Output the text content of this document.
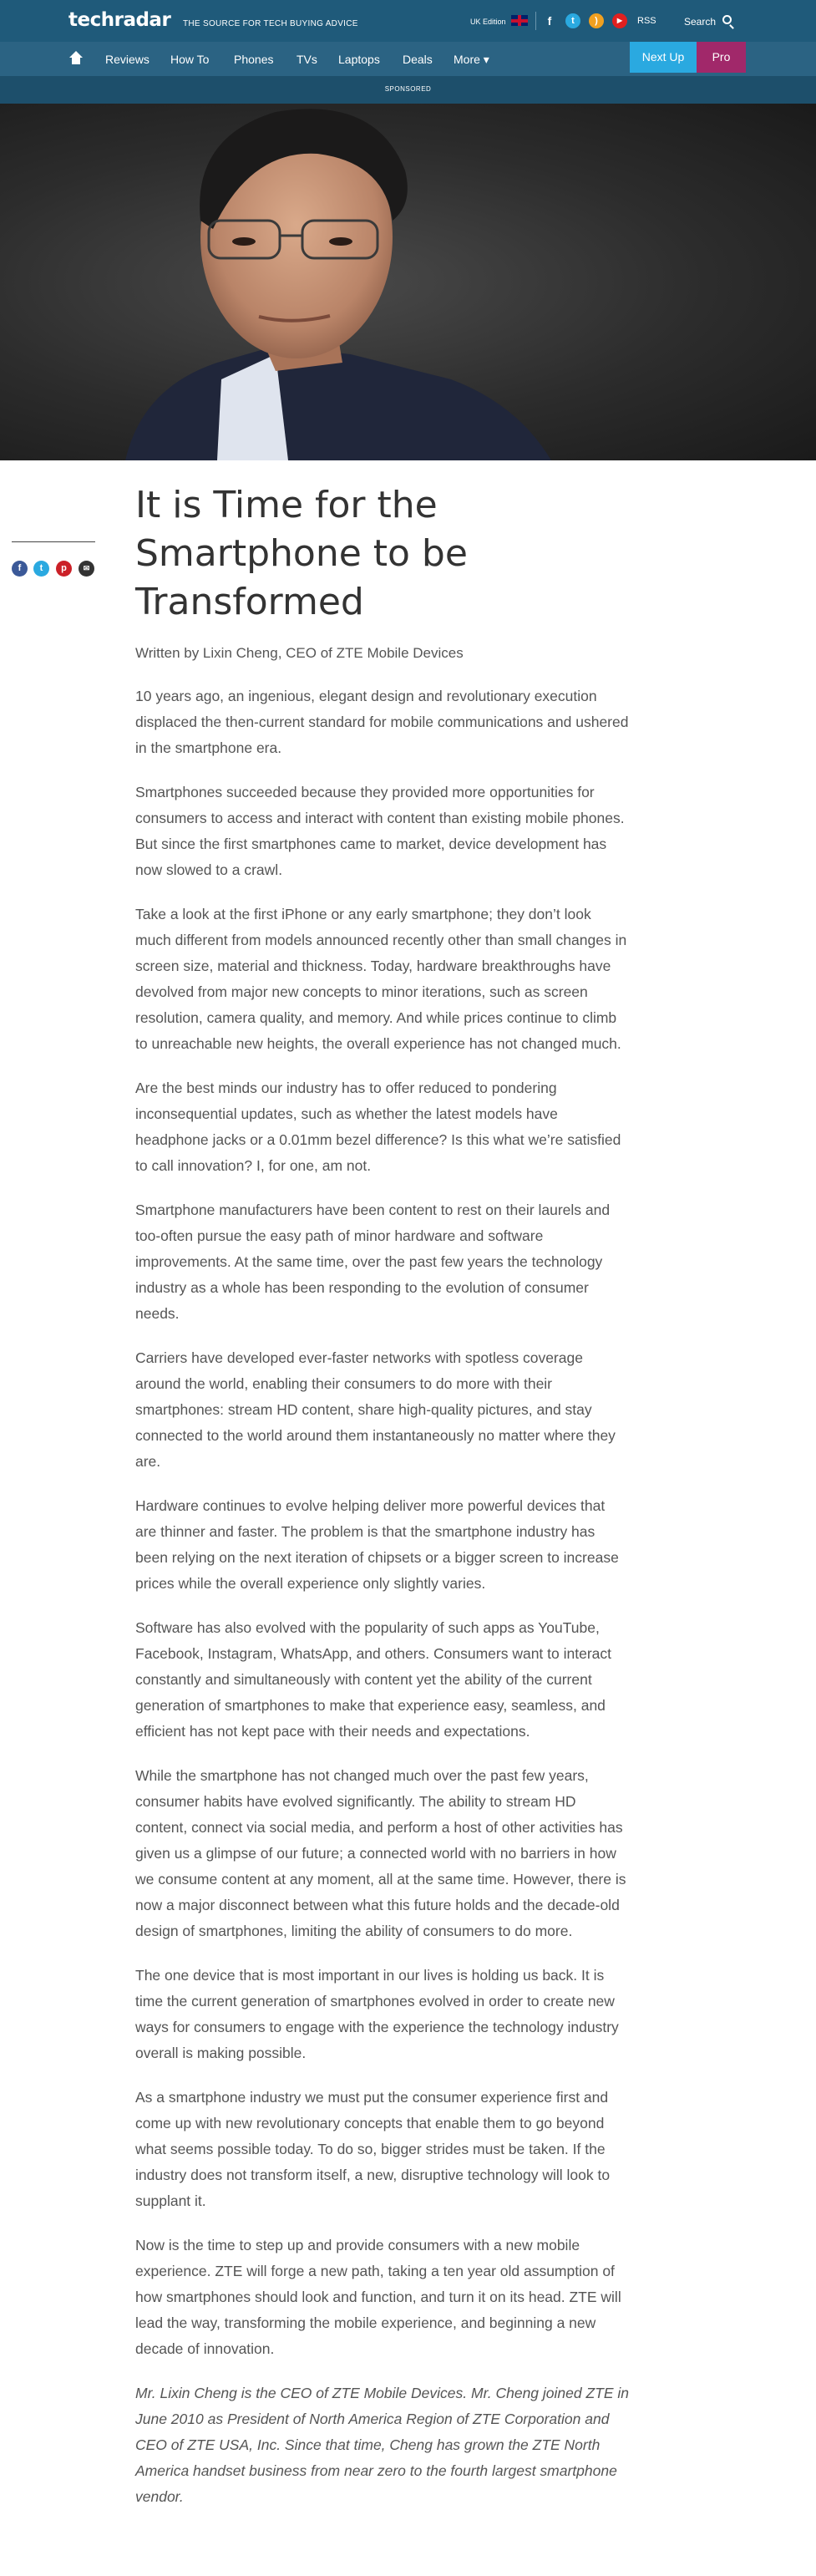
techradar THE SOURCE FOR TECH BUYING ADVICE	UK Edition	f	t	)	▶	RSS	Search
Reviews How To Phones TVs Laptops Deals More ▾	Next Up	Pro
SPONSORED
f	t	p	✉
It is Time for the Smartphone to be Transformed
Written by Lixin Cheng, CEO of ZTE Mobile Devices

10 years ago, an ingenious, elegant design and revolutionary execution displaced the then-current standard for mobile communications and ushered in the smartphone era.

Smartphones succeeded because they provided more opportunities for consumers to access and interact with content than existing mobile phones. But since the first smartphones came to market, device development has now slowed to a crawl.

Take a look at the first iPhone or any early smartphone; they don’t look much different from models announced recently other than small changes in screen size, material and thickness. Today, hardware breakthroughs have devolved from major new concepts to minor iterations, such as screen resolution, camera quality, and memory. And while prices continue to climb to unreachable new heights, the overall experience has not changed much.

Are the best minds our industry has to offer reduced to pondering inconsequential updates, such as whether the latest models have headphone jacks or a 0.01mm bezel difference? Is this what we’re satisfied to call innovation? I, for one, am not.

Smartphone manufacturers have been content to rest on their laurels and too-often pursue the easy path of minor hardware and software improvements. At the same time, over the past few years the technology industry as a whole has been responding to the evolution of consumer needs.

Carriers have developed ever-faster networks with spotless coverage around the world, enabling their consumers to do more with their smartphones: stream HD content, share high-quality pictures, and stay connected to the world around them instantaneously no matter where they are.

Hardware continues to evolve helping deliver more powerful devices that are thinner and faster. The problem is that the smartphone industry has been relying on the next iteration of chipsets or a bigger screen to increase prices while the overall experience only slightly varies.

Software has also evolved with the popularity of such apps as YouTube, Facebook, Instagram, WhatsApp, and others. Consumers want to interact constantly and simultaneously with content yet the ability of the current generation of smartphones to make that experience easy, seamless, and efficient has not kept pace with their needs and expectations.

While the smartphone has not changed much over the past few years, consumer habits have evolved significantly. The ability to stream HD content, connect via social media, and perform a host of other activities has given us a glimpse of our future; a connected world with no barriers in how we consume content at any moment, all at the same time. However, there is now a major disconnect between what this future holds and the decade-old design of smartphones, limiting the ability of consumers to do more.

The one device that is most important in our lives is holding us back. It is time the current generation of smartphones evolved in order to create new ways for consumers to engage with the experience the technology industry overall is making possible.

As a smartphone industry we must put the consumer experience first and come up with new revolutionary concepts that enable them to go beyond what seems possible today. To do so, bigger strides must be taken. If the industry does not transform itself, a new, disruptive technology will look to supplant it.

Now is the time to step up and provide consumers with a new mobile experience. ZTE will forge a new path, taking a ten year old assumption of how smartphones should look and function, and turn it on its head. ZTE will lead the way, transforming the mobile experience, and beginning a new decade of innovation.

Mr. Lixin Cheng is the CEO of ZTE Mobile Devices. Mr. Cheng joined ZTE in June 2010 as President of North America Region of ZTE Corporation and CEO of ZTE USA, Inc. Since that time, Cheng has grown the ZTE North America handset business from near zero to the fourth largest smartphone vendor.
